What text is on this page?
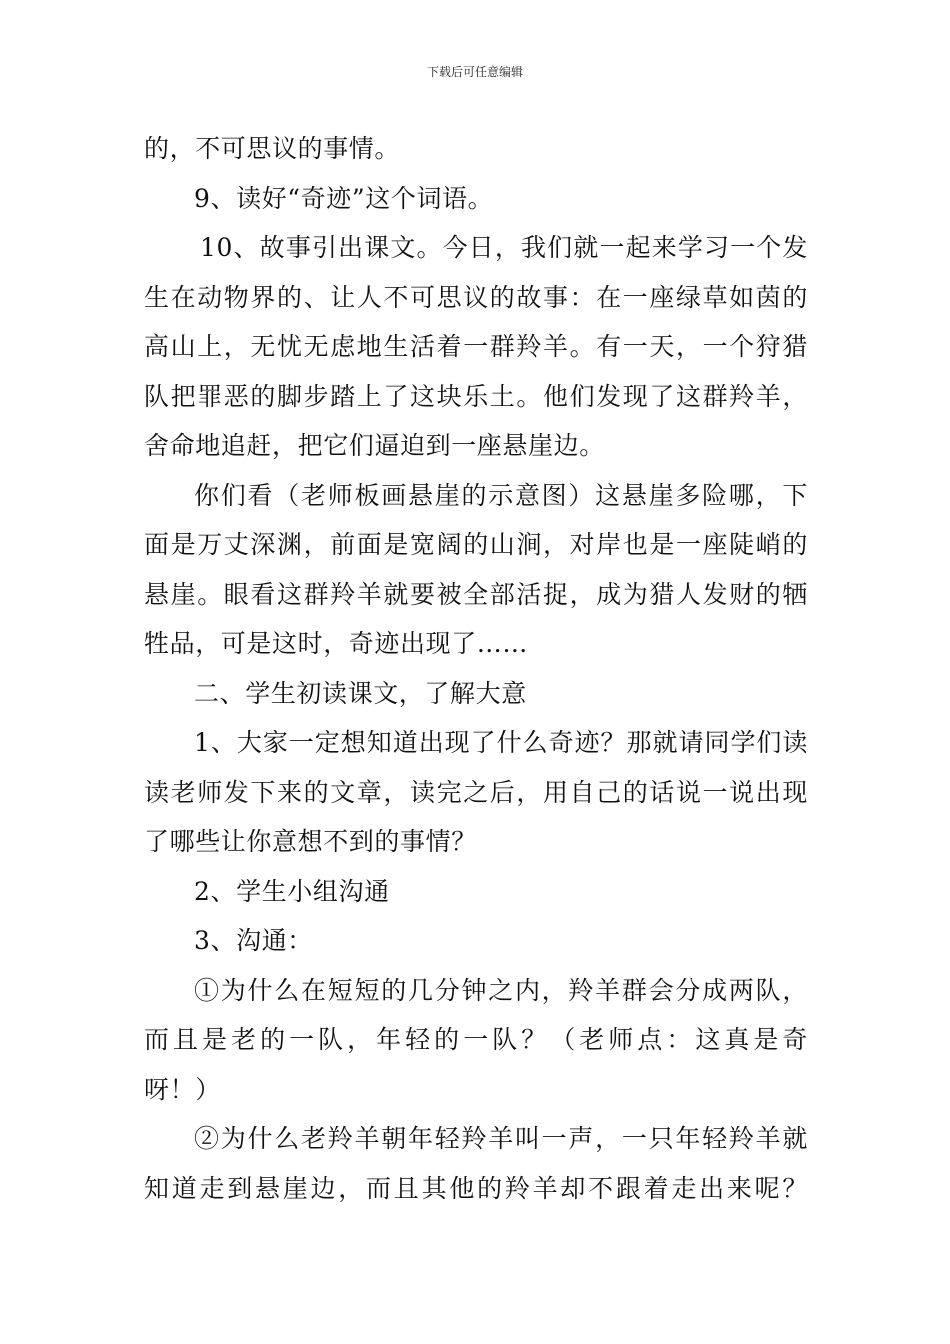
下载后可任意编辑
的，不可思议的事情。
9、读好“奇迹”这个词语。
10、故事引出课文。今日，我们就一起来学习一个发
生在动物界的、让人不可思议的故事：在一座绿草如茵的
高山上，无忧无虑地生活着一群羚羊。有一天，一个狩猎
队把罪恶的脚步踏上了这块乐土。他们发现了这群羚羊，
舍命地追赶，把它们逼迫到一座悬崖边。
你们看（老师板画悬崖的示意图）这悬崖多险哪，下
面是万丈深渊，前面是宽阔的山涧，对岸也是一座陡峭的
悬崖。眼看这群羚羊就要被全部活捉，成为猎人发财的牺
牲品，可是这时，奇迹出现了……
二、学生初读课文，了解大意
1、大家一定想知道出现了什么奇迹？那就请同学们读
读老师发下来的文章，读完之后，用自己的话说一说出现
了哪些让你意想不到的事情？
2、学生小组沟通
3、沟通：
①为什么在短短的几分钟之内，羚羊群会分成两队，
而且是老的一队，年轻的一队？（老师点：这真是奇
呀！）
②为什么老羚羊朝年轻羚羊叫一声，一只年轻羚羊就
知道走到悬崖边，而且其他的羚羊却不跟着走出来呢？
